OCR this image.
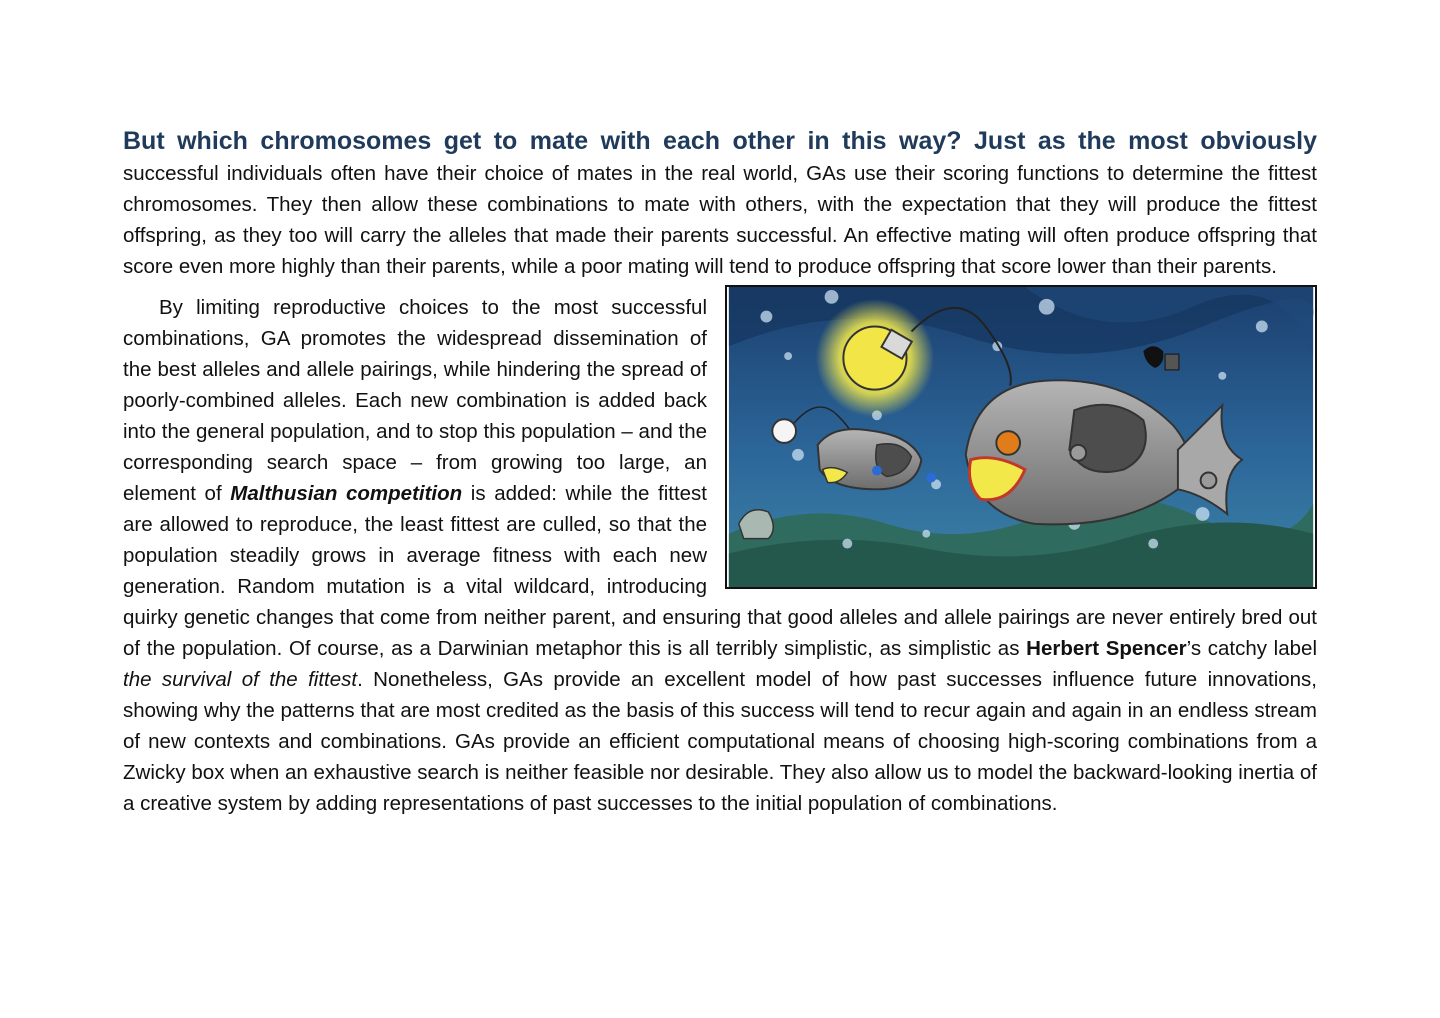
But which chromosomes get to mate with each other in this way? Just as the most obviously

successful individuals often have their choice of mates in the real world, GAs use their scoring functions to determine the fittest chromosomes. They then allow these combinations to mate with others, with the expectation that they will produce the fittest offspring, as they too will carry the alleles that made their parents successful. An effective mating will often produce offspring that score even more highly than their parents, while a poor mating will tend to produce offspring that score lower than their parents.

By limiting reproductive choices to the most successful combinations, GA promotes the widespread dissemination of the best alleles and allele pairings, while hindering the spread of poorly-combined alleles. Each new combination is added back into the general population, and to stop this population – and the corresponding search space – from growing too large, an element of Malthusian competition is added: while the fittest are allowed to reproduce, the least fittest are culled, so that the population steadily grows in average fitness with each new generation. Random mutation is a vital wildcard, introducing quirky genetic changes that come from neither parent, and ensuring that good alleles and allele pairings are never entirely bred out of the population. Of course, as a Darwinian metaphor this is all terribly simplistic, as simplistic as Herbert Spencer’s catchy label the survival of the fittest. Nonetheless, GAs provide an excellent model of how past successes influence future innovations, showing why the patterns that are most credited as the basis of this success will tend to recur again and again in an endless stream of new contexts and combinations. GAs provide an efficient computational means of choosing high-scoring combinations from a Zwicky box when an exhaustive search is neither feasible nor desirable. They also allow us to model the backward-looking inertia of a creative system by adding representations of past successes to the initial population of combinations.
